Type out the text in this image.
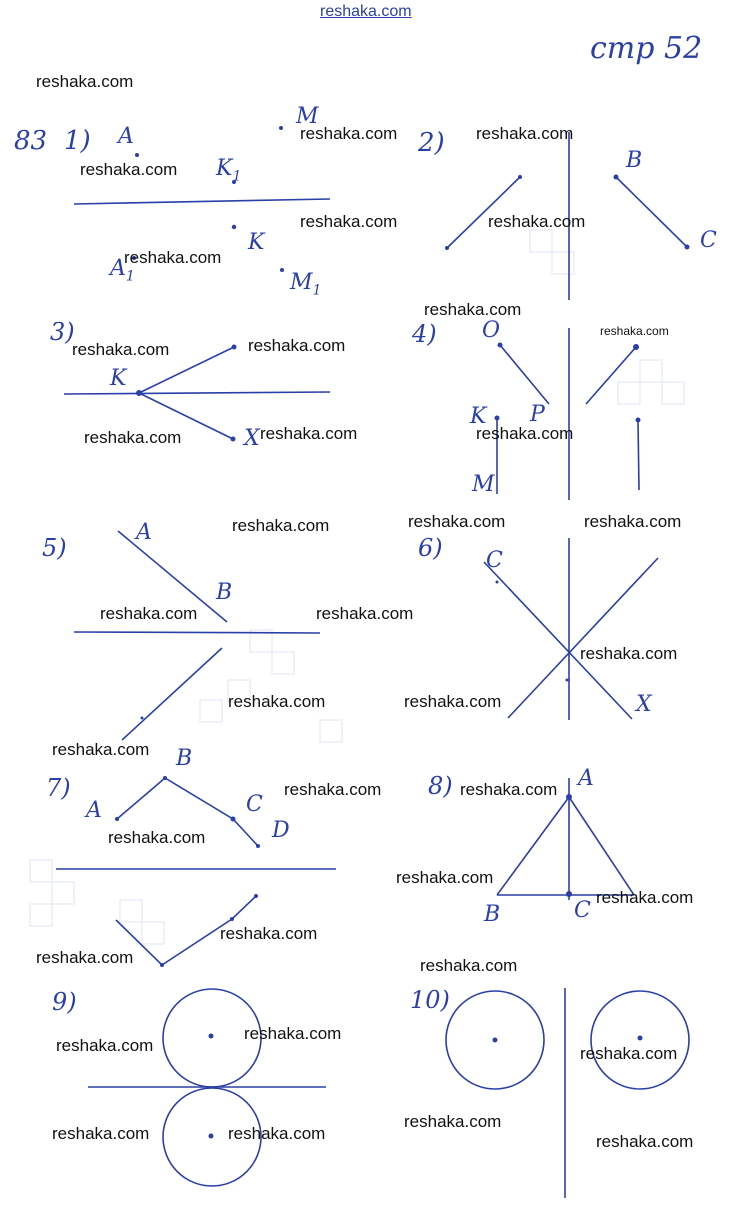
reshaka.com
стр 52
83 1)	2)
3)	4)
5)	6)
7)	8)
9)	10)
A
M
$K_1$
K
$A_1$	$M_1$
B
C
K
X
O
K P
M
A
B
C
X
A
B
C
D
A
B	C
reshaka.com
reshaka.com
reshaka.com	reshaka.com
reshaka.com	reshaka.com
reshaka.com
reshaka.com
reshaka.com
reshaka.com	reshaka.com
reshaka.com	reshaka.com	reshaka.com
reshaka.com	reshaka.com	reshaka.com
reshaka.com	reshaka.com
reshaka.com
reshaka.com	reshaka.com
reshaka.com
reshaka.com	reshaka.com
reshaka.com
reshaka.com
reshaka.com
reshaka.com
reshaka.com	reshaka.com
reshaka.com
reshaka.com	reshaka.com
reshaka.com
reshaka.com	reshaka.com	reshaka.com
